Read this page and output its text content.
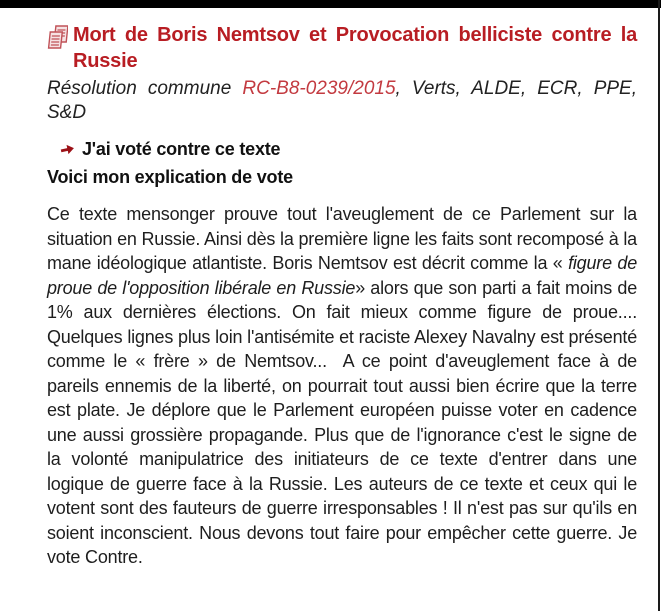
Mort de Boris Nemtsov et Provocation belliciste contre la Russie

Résolution commune RC-B8-0239/2015, Verts, ALDE, ECR, PPE, S&D

J'ai voté contre ce texte

Voici mon explication de vote

Ce texte mensonger prouve tout l'aveuglement de ce Parlement sur la situation en Russie. Ainsi dès la première ligne les faits sont recomposé à la mane idéologique atlantiste. Boris Nemtsov est décrit comme la « figure de proue de l'opposition libérale en Russie» alors que son parti a fait moins de 1% aux dernières élections. On fait mieux comme figure de proue.... Quelques lignes plus loin l'antisémite et raciste Alexey Navalny est présenté comme le « frère » de Nemtsov...  A ce point d'aveuglement face à de pareils ennemis de la liberté, on pourrait tout aussi bien écrire que la terre est plate. Je déplore que le Parlement européen puisse voter en cadence une aussi grossière propagande. Plus que de l'ignorance c'est le signe de la volonté manipulatrice des initiateurs de ce texte d'entrer dans une logique de guerre face à la Russie. Les auteurs de ce texte et ceux qui le votent sont des fauteurs de guerre irresponsables ! Il n'est pas sur qu'ils en soient inconscient. Nous devons tout faire pour empêcher cette guerre. Je vote Contre.
